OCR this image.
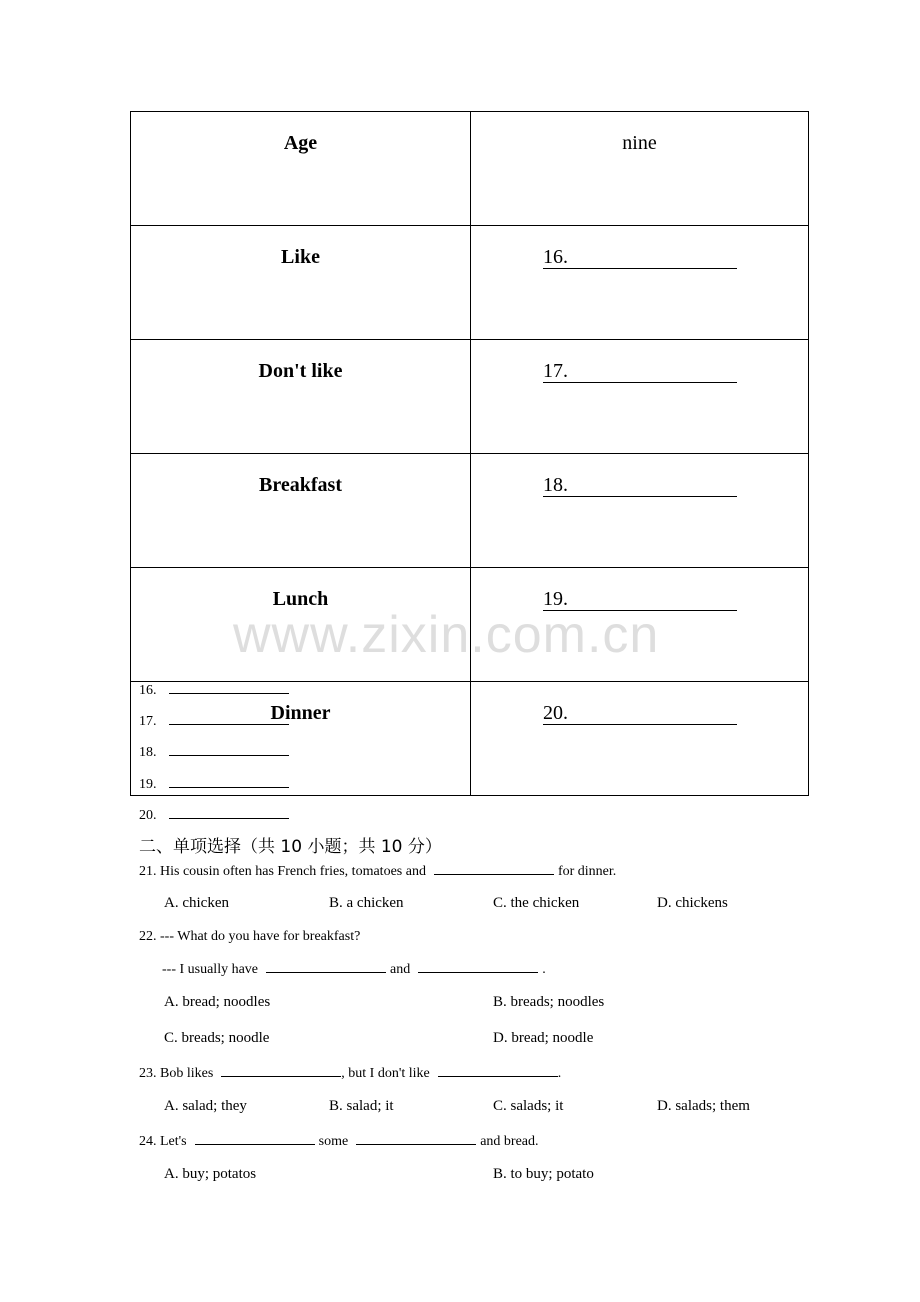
Age	nine
Like	16.
Don't like	17.
Breakfast	18.
Lunch	19.
Dinner	20.
www.zixin.com.cn
16.
17.
18.
19.
20.
二、单项选择（共 10 小题；共 10 分）
21. His cousin often has French fries, tomatoes and	for dinner.
A. chicken	B. a chicken	C. the chicken	D. chickens
22. --- What do you have for breakfast?
--- I usually have	and	.
A. bread; noodles	B. breads; noodles
C. breads; noodle	D. bread; noodle
23. Bob likes	, but I don't like	.
A. salad; they	B. salad; it	C. salads; it	D. salads; them
24. Let's	some	and bread.
A. buy; potatos	B. to buy; potato
